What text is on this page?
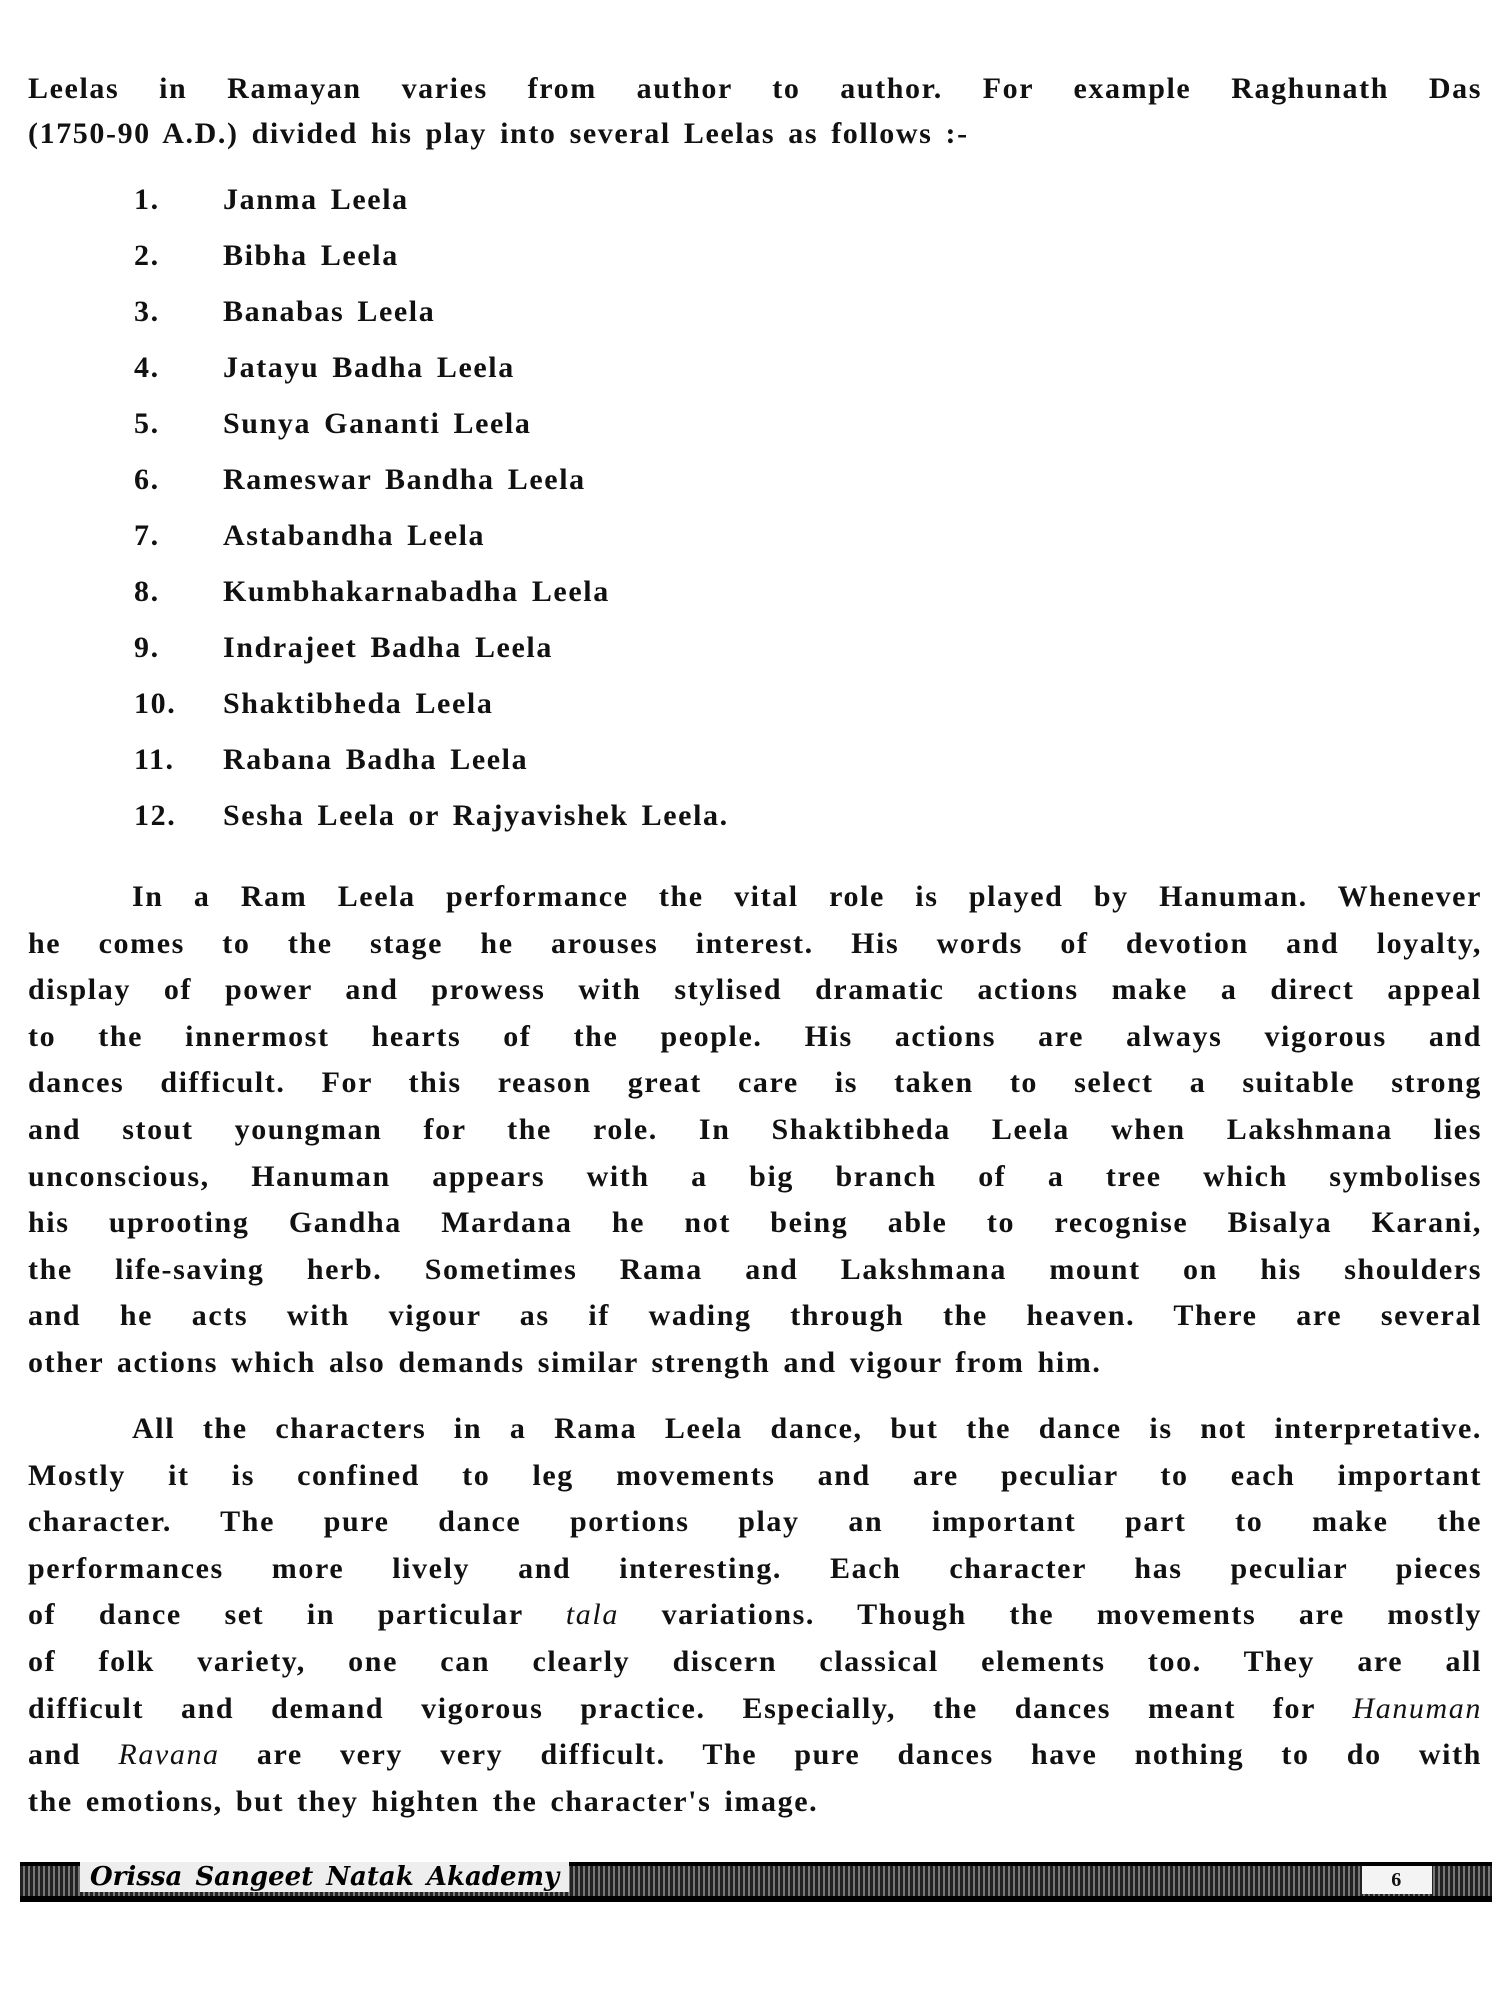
Leelas in Ramayan varies from author to author. For example Raghunath Das
(1750-90 A.D.) divided his play into several Leelas as follows :-
1. Janma Leela
2. Bibha Leela
3. Banabas Leela
4. Jatayu Badha Leela
5. Sunya Gananti Leela
6. Rameswar Bandha Leela
7. Astabandha Leela
8. Kumbhakarnabadha Leela
9. Indrajeet Badha Leela
10. Shaktibheda Leela
11. Rabana Badha Leela
12. Sesha Leela or Rajyavishek Leela.
In a Ram Leela performance the vital role is played by Hanuman. Whenever
he comes to the stage he arouses interest. His words of devotion and loyalty,
display of power and prowess with stylised dramatic actions make a direct appeal
to the innermost hearts of the people. His actions are always vigorous and
dances difficult. For this reason great care is taken to select a suitable strong
and stout youngman for the role. In Shaktibheda Leela when Lakshmana lies
unconscious, Hanuman appears with a big branch of a tree which symbolises
his uprooting Gandha Mardana he not being able to recognise Bisalya Karani,
the life-saving herb. Sometimes Rama and Lakshmana mount on his shoulders
and he acts with vigour as if wading through the heaven. There are several
other actions which also demands similar strength and vigour from him.
All the characters in a Rama Leela dance, but the dance is not interpretative.
Mostly it is confined to leg movements and are peculiar to each important
character. The pure dance portions play an important part to make the
performances more lively and interesting. Each character has peculiar pieces
of dance set in particular tala variations. Though the movements are mostly
of folk variety, one can clearly discern classical elements too. They are all
difficult and demand vigorous practice. Especially, the dances meant for Hanuman
and Ravana are very very difficult. The pure dances have nothing to do with
the emotions, but they highten the character's image.
Orissa Sangeet Natak Akademy	6
